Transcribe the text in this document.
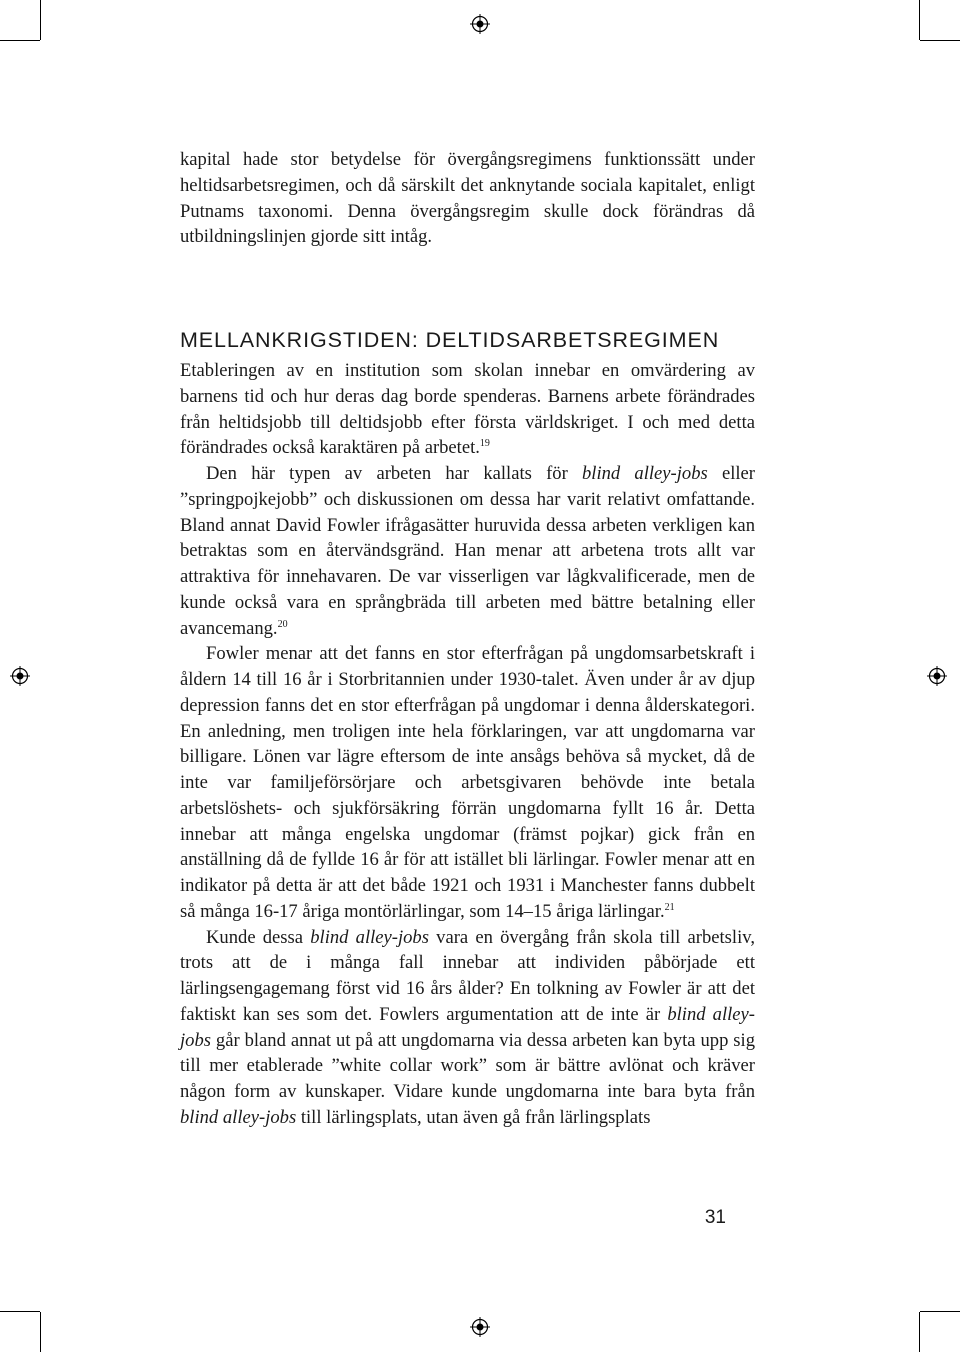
kapital hade stor betydelse för övergångsregimens funktionssätt under heltidsarbetsregimen, och då särskilt det anknytande sociala kapitalet, enligt Putnams taxonomi. Denna övergångsregim skulle dock förändras då utbildningslinjen gjorde sitt intåg.

MELLANKRIGSTIDEN: DELTIDSARBETSREGIMEN

Etableringen av en institution som skolan innebar en omvärdering av barnens tid och hur deras dag borde spenderas. Barnens arbete förändrades från heltidsjobb till deltidsjobb efter första världskriget. I och med detta förändrades också karaktären på arbetet.$^{19}$

Den här typen av arbeten har kallats för blind alley-jobs eller ”springpojkejobb” och diskussionen om dessa har varit relativt omfattande. Bland annat David Fowler ifrågasätter huruvida dessa arbeten verkligen kan betraktas som en återvändsgränd. Han menar att arbetena trots allt var attraktiva för innehavaren. De var visserligen var lågkvalificerade, men de kunde också vara en språngbräda till arbeten med bättre betalning eller avancemang.$^{20}$

Fowler menar att det fanns en stor efterfrågan på ungdomsarbetskraft i åldern 14 till 16 år i Storbritannien under 1930-talet. Även under år av djup depression fanns det en stor efterfrågan på ungdomar i denna ålderskategori. En anledning, men troligen inte hela förklaringen, var att ungdomarna var billigare. Lönen var lägre eftersom de inte ansågs behöva så mycket, då de inte var familjeförsörjare och arbetsgivaren behövde inte betala arbetslöshets- och sjukförsäkring förrän ungdomarna fyllt 16 år. Detta innebar att många engelska ungdomar (främst pojkar) gick från en anställning då de fyllde 16 år för att istället bli lärlingar. Fowler menar att en indikator på detta är att det både 1921 och 1931 i Manchester fanns dubbelt så många 16-17 åriga montörlärlingar, som 14–15 åriga lärlingar.$^{21}$

Kunde dessa blind alley-jobs vara en övergång från skola till arbetsliv, trots att de i många fall innebar att individen påbörjade ett lärlingsengagemang först vid 16 års ålder? En tolkning av Fowler är att det faktiskt kan ses som det. Fowlers argumentation att de inte är blind alley-jobs går bland annat ut på att ungdomarna via dessa arbeten kan byta upp sig till mer etablerade ”white collar work” som är bättre avlönat och kräver någon form av kunskaper. Vidare kunde ungdomarna inte bara byta från blind alley-jobs till lärlingsplats, utan även gå från lärlingsplats

31
